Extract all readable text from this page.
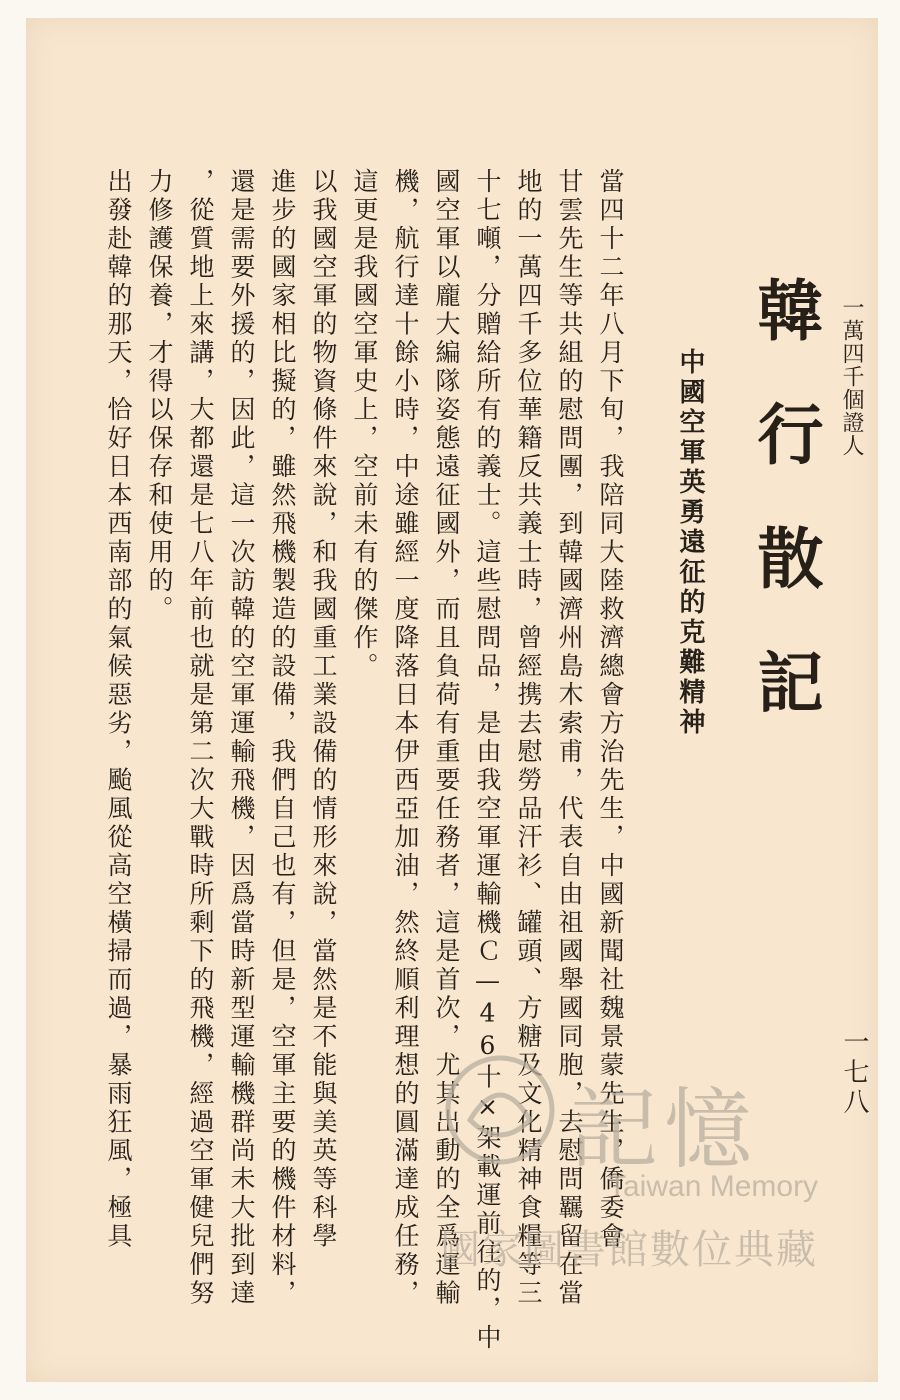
一萬四千個證人
一七八
韓行散記
中國空軍英勇遠征的克難精神
當四十二年八月下旬，我陪同大陸救濟總會方治先生，中國新聞社魏景蒙先生，僑委會
甘雲先生等共組的慰問團，到韓國濟州島木索甫，代表自由祖國舉國同胞，去慰問羈留在當
地的一萬四千多位華籍反共義士時，曾經携去慰勞品汗衫、罐頭、方糖及文化精神食糧等三
十七噸，分贈給所有的義士。這些慰問品，是由我空軍運輸機Ｃ—46十×架載運前往的，中
國空軍以龐大編隊姿態遠征國外，而且負荷有重要任務者，這是首次，尤其出動的全爲運輸
機，航行達十餘小時，中途雖經一度降落日本伊西亞加油，然終順利理想的圓滿達成任務，
這更是我國空軍史上，空前未有的傑作。
以我國空軍的物資條件來說，和我國重工業設備的情形來說，當然是不能與美英等科學
進步的國家相比擬的，雖然飛機製造的設備，我們自己也有，但是，空軍主要的機件材料，
還是需要外援的，因此，這一次訪韓的空軍運輸飛機，因爲當時新型運輸機群尚未大批到達
，從質地上來講，大都還是七八年前也就是第二次大戰時所剩下的飛機，經過空軍健兒們努
力修護保養，才得以保存和使用的。
出發赴韓的那天，恰好日本西南部的氣候惡劣，颱風從高空橫掃而過，暴雨狂風，極具	記憶
Taiwan Memory
國家圖書館數位典藏
